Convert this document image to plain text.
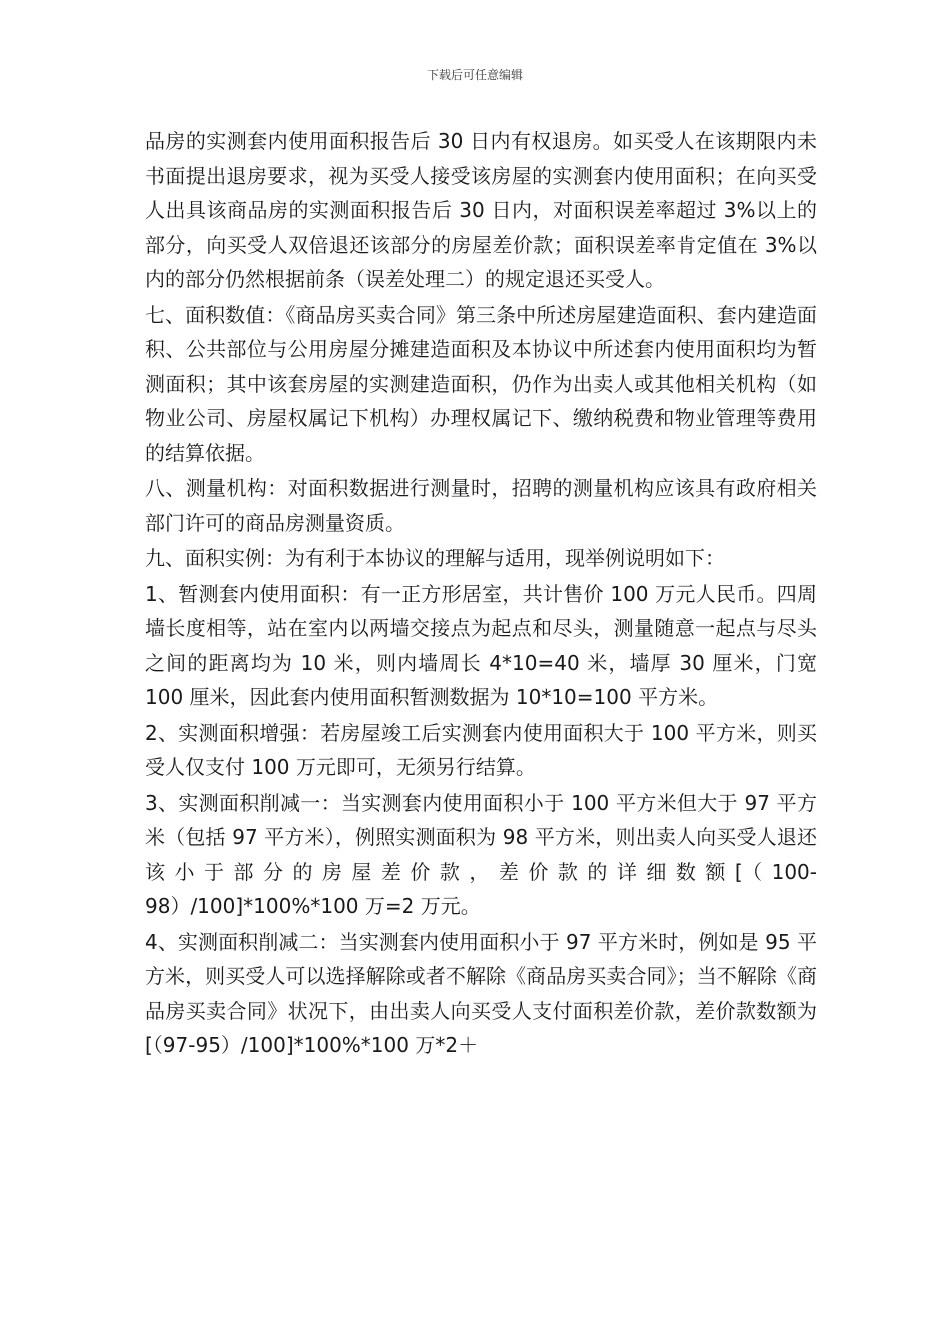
下载后可任意编辑

品房的实测套内使用面积报告后 30 日内有权退房。如买受人在该期限内未书面提出退房要求，视为买受人接受该房屋的实测套内使用面积；在向买受人出具该商品房的实测面积报告后 30 日内，对面积误差率超过 3%以上的部分，向买受人双倍退还该部分的房屋差价款；面积误差率肯定值在 3%以内的部分仍然根据前条（误差处理二）的规定退还买受人。

七、面积数值：《商品房买卖合同》第三条中所述房屋建造面积、套内建造面积、公共部位与公用房屋分摊建造面积及本协议中所述套内使用面积均为暂测面积；其中该套房屋的实测建造面积，仍作为出卖人或其他相关机构（如物业公司、房屋权属记下机构）办理权属记下、缴纳税费和物业管理等费用的结算依据。

八、测量机构：对面积数据进行测量时，招聘的测量机构应该具有政府相关部门许可的商品房测量资质。

九、面积实例：为有利于本协议的理解与适用，现举例说明如下：

1、暂测套内使用面积：有一正方形居室，共计售价 100 万元人民币。四周墙长度相等，站在室内以两墙交接点为起点和尽头，测量随意一起点与尽头之间的距离均为 10 米，则内墙周长 4*10=40 米，墙厚 30 厘米，门宽 100 厘米，因此套内使用面积暂测数据为 10*10=100 平方米。

2、实测面积增强：若房屋竣工后实测套内使用面积大于 100 平方米，则买受人仅支付 100 万元即可，无须另行结算。

3、实测面积削减一：当实测套内使用面积小于 100 平方米但大于 97 平方米（包括 97 平方米），例照实测面积为 98 平方米，则出卖人向买受人退还该小于部分的房屋差价款，差价款的详细数额[（100-98）/100]*100%*100 万=2 万元。

4、实测面积削减二：当实测套内使用面积小于 97 平方米时，例如是 95 平方米，则买受人可以选择解除或者不解除《商品房买卖合同》；当不解除《商品房买卖合同》状况下，由出卖人向买受人支付面积差价款，差价款数额为[（97-95）/100]*100%*100 万*2＋
